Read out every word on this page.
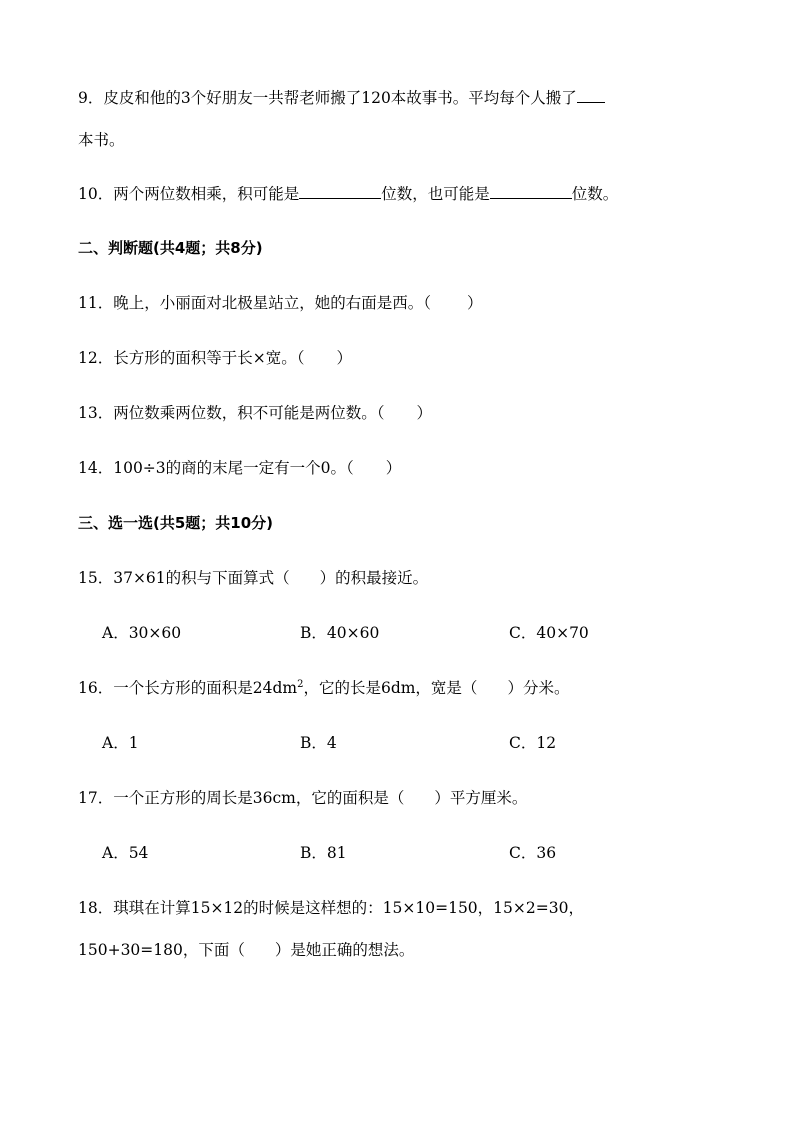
9．皮皮和他的3个好朋友一共帮老师搬了120本故事书。平均每个人搬了
本书。
10．两个两位数相乘，积可能是	位数，也可能是	位数。
二、判断题(共4题；共8分)
11．晚上，小丽面对北极星站立，她的右面是西。（ ）
12．长方形的面积等于长×宽。（ ）
13．两位数乘两位数，积不可能是两位数。（ ）
14．100÷3的商的末尾一定有一个0。（ ）
三、选一选(共5题；共10分)
15．37×61的积与下面算式（ ）的积最接近。
A．30×60	B．40×60	C．40×70
16．一个长方形的面积是$24dm^2$，它的长是6dm，宽是（ ）分米。
A．1	B．4	C．12
17．一个正方形的周长是36cm，它的面积是（ ）平方厘米。
A．54	B．81	C．36
18．琪琪在计算15×12的时候是这样想的：15×10=150，15×2=30，
150+30=180，下面（ ）是她正确的想法。
